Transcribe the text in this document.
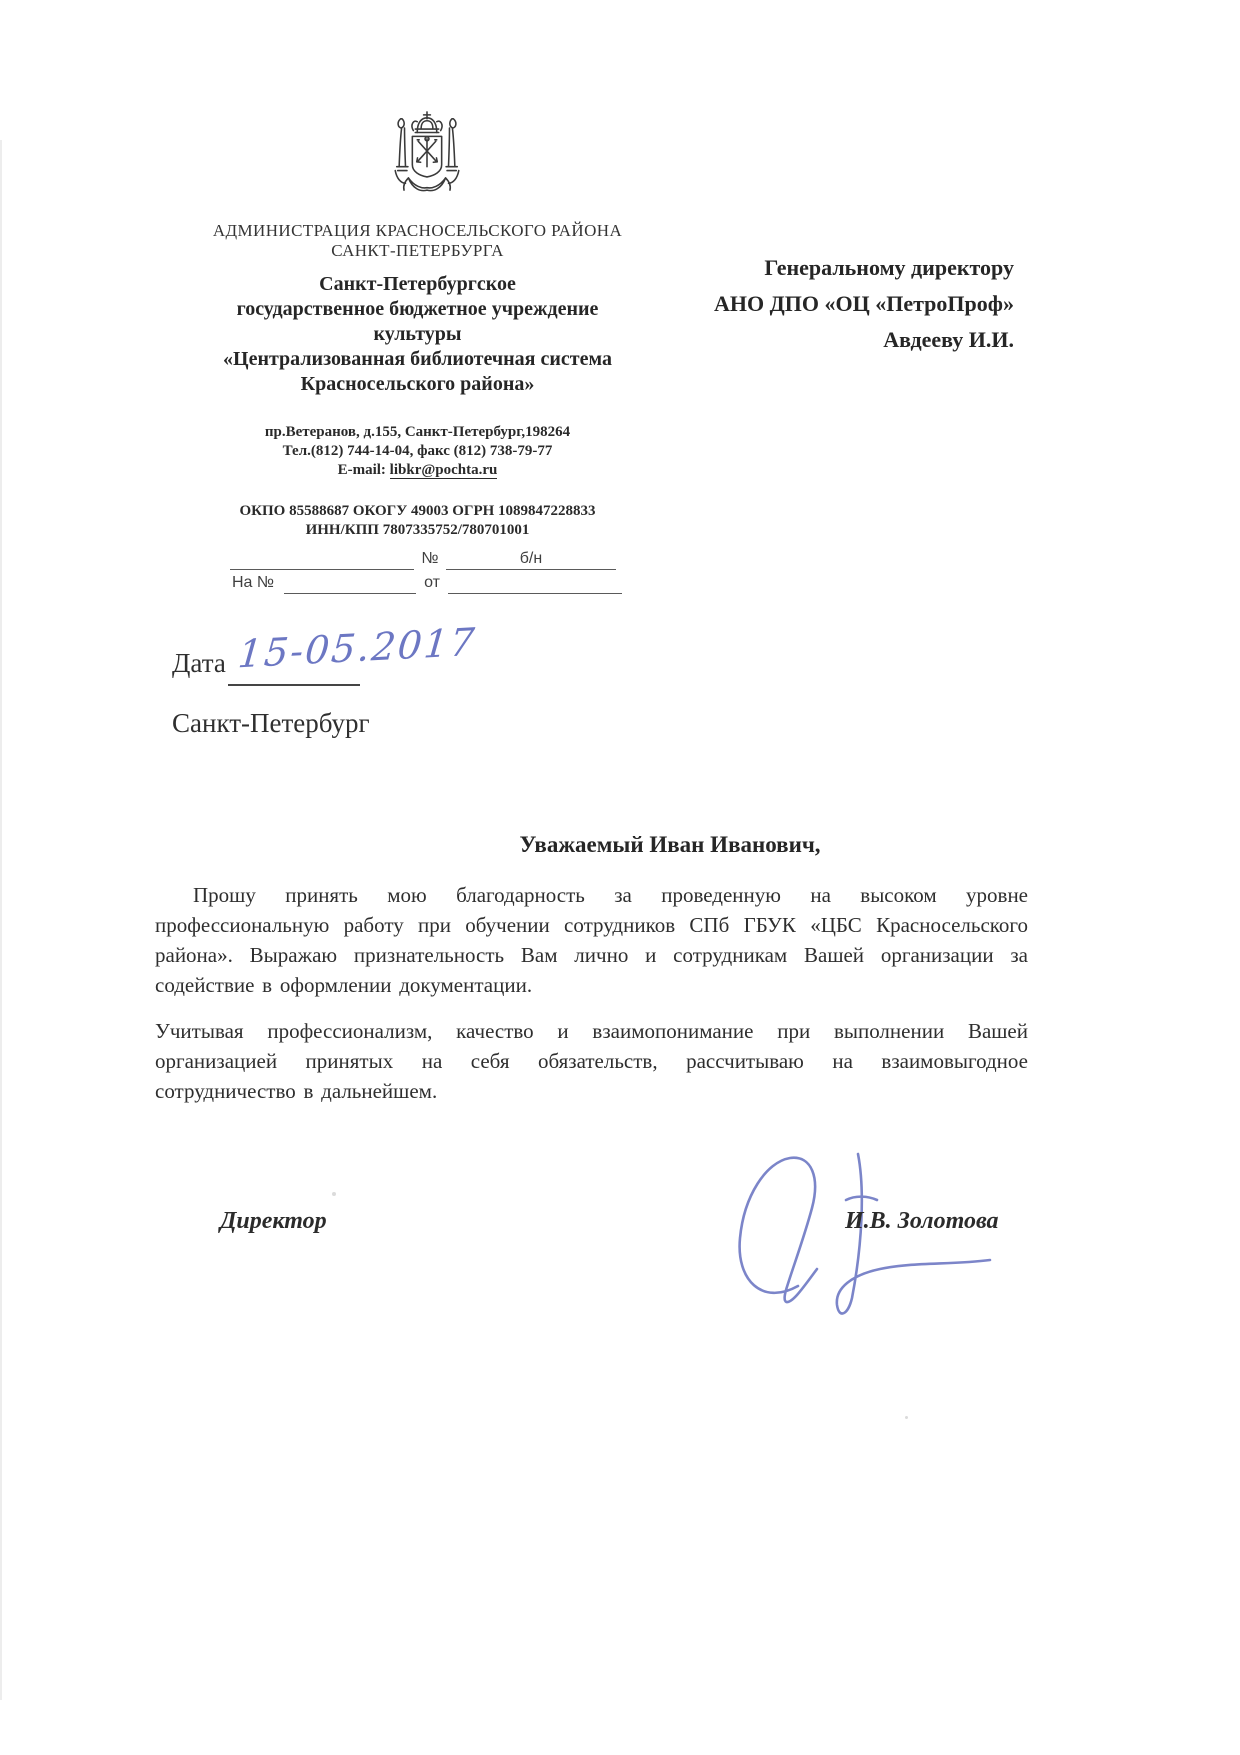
АДМИНИСТРАЦИЯ КРАСНОСЕЛЬСКОГО РАЙОНА
САНКТ-ПЕТЕРБУРГА
Санкт-Петербургское
государственное бюджетное учреждение
культуры
«Централизованная библиотечная система
Красносельского района»
пр.Ветеранов, д.155, Санкт-Петербург,198264
Тел.(812) 744-14-04, факс (812) 738-79-77
E-mail: libkr@pochta.ru
ОКПО 85588687 ОКОГУ 49003 ОГРН 1089847228833
ИНН/КПП 7807335752/780701001
№	б/н
На №	от
Дата 15-05.2017
Санкт-Петербург
Генеральному директору
АНО ДПО «ОЦ «ПетроПроф»
Авдееву И.И.
Уважаемый Иван Иванович,
Прошу принять мою благодарность за проведенную на высоком уровне профессиональную работу при обучении сотрудников СПб ГБУК «ЦБС Красносельского района». Выражаю признательность Вам лично и сотрудникам Вашей организации за содействие в оформлении документации.
Учитывая профессионализм, качество и взаимопонимание при выполнении Вашей организацией принятых на себя обязательств, рассчитываю на взаимовыгодное сотрудничество в дальнейшем.
Директор	И.В. Золотова
